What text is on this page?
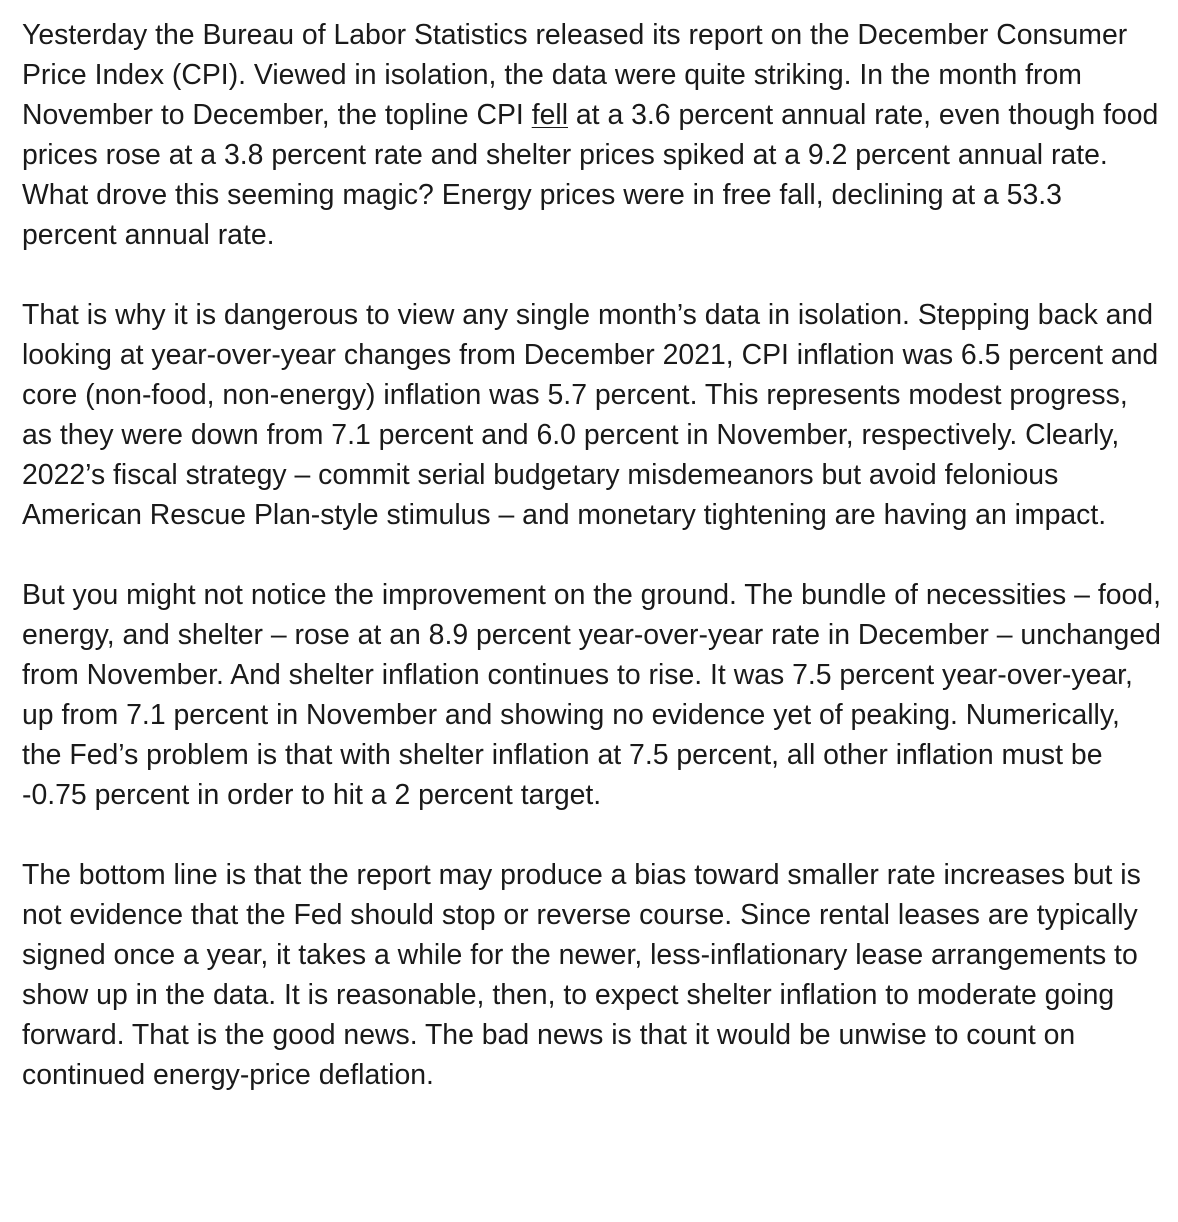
Yesterday the Bureau of Labor Statistics released its report on the December Consumer Price Index (CPI). Viewed in isolation, the data were quite striking. In the month from November to December, the topline CPI fell at a 3.6 percent annual rate, even though food prices rose at a 3.8 percent rate and shelter prices spiked at a 9.2 percent annual rate. What drove this seeming magic? Energy prices were in free fall, declining at a 53.3 percent annual rate.

That is why it is dangerous to view any single month’s data in isolation. Stepping back and looking at year-over-year changes from December 2021, CPI inflation was 6.5 percent and core (non-food, non-energy) inflation was 5.7 percent. This represents modest progress, as they were down from 7.1 percent and 6.0 percent in November, respectively. Clearly, 2022’s fiscal strategy – commit serial budgetary misdemeanors but avoid felonious American Rescue Plan-style stimulus – and monetary tightening are having an impact.

But you might not notice the improvement on the ground. The bundle of necessities – food, energy, and shelter – rose at an 8.9 percent year-over-year rate in December – unchanged from November. And shelter inflation continues to rise. It was 7.5 percent year-over-year, up from 7.1 percent in November and showing no evidence yet of peaking. Numerically, the Fed’s problem is that with shelter inflation at 7.5 percent, all other inflation must be -0.75 percent in order to hit a 2 percent target.

The bottom line is that the report may produce a bias toward smaller rate increases but is not evidence that the Fed should stop or reverse course. Since rental leases are typically signed once a year, it takes a while for the newer, less-inflationary lease arrangements to show up in the data. It is reasonable, then, to expect shelter inflation to moderate going forward. That is the good news. The bad news is that it would be unwise to count on continued energy-price deflation.
